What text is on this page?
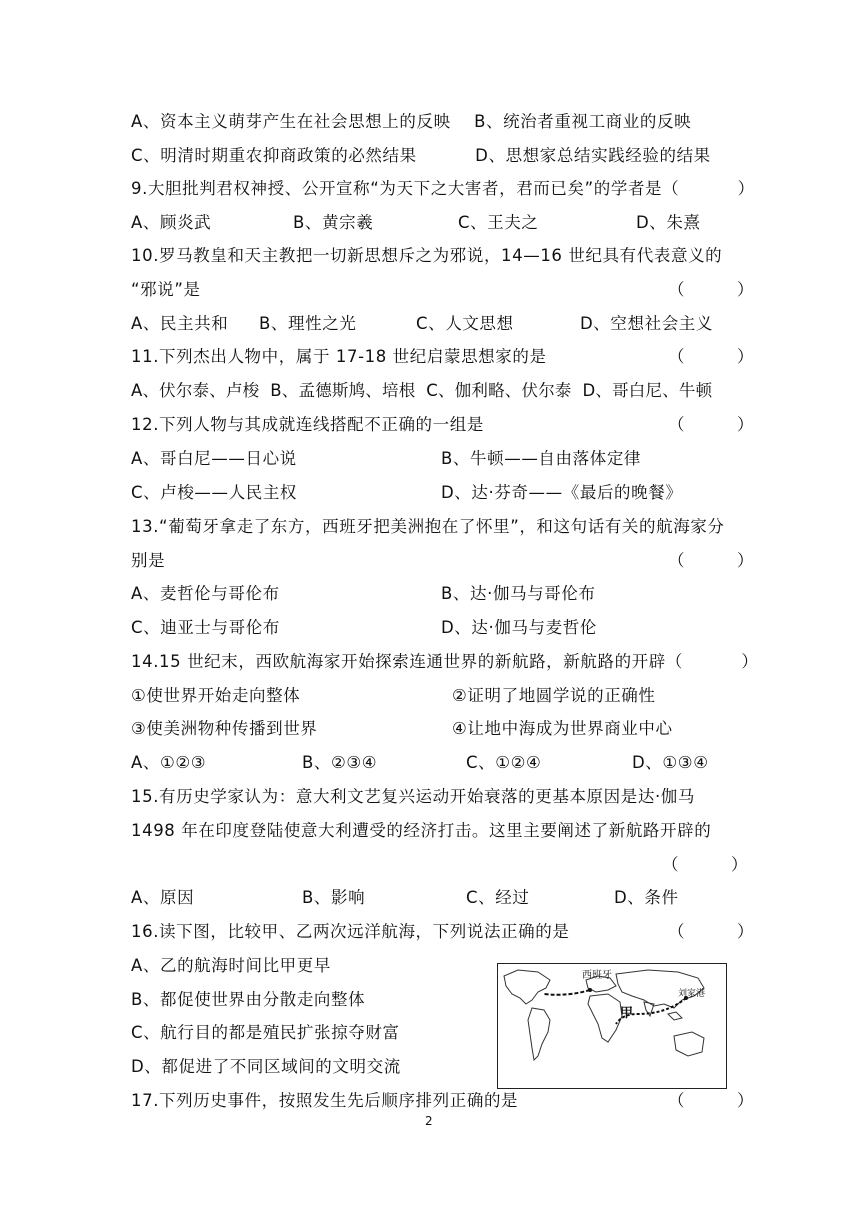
A、资本主义萌芽产生在社会思想上的反映    B、统治者重视工商业的反映
C、明清时期重农抑商政策的必然结果          D、思想家总结实践经验的结果
9.大胆批判君权神授、公开宣称“为天下之大害者，君而已矣”的学者是（          ）
A、顾炎武	B、黄宗羲	C、王夫之	D、朱熹
10.罗马教皇和天主教把一切新思想斥之为邪说，14—16 世纪具有代表意义的
“邪说”是	（          ）
A、民主共和 B、理性之光	C、人文思想	D、空想社会主义
11.下列杰出人物中，属于 17-18 世纪启蒙思想家的是	（          ）
A、伏尔泰、卢梭  B、孟德斯鸠、培根  C、伽利略、伏尔泰  D、哥白尼、牛顿
12.下列人物与其成就连线搭配不正确的一组是	（          ）
A、哥白尼——日心说	B、牛顿——自由落体定律
C、卢梭——人民主权	D、达·芬奇——《最后的晚餐》
13.“葡萄牙拿走了东方，西班牙把美洲抱在了怀里”，和这句话有关的航海家分
别是	（          ）
A、麦哲伦与哥伦布	B、达·伽马与哥伦布
C、迪亚士与哥伦布	D、达·伽马与麦哲伦
14.15 世纪末，西欧航海家开始探索连通世界的新航路，新航路的开辟（          ）
①使世界开始走向整体	②证明了地圆学说的正确性
③使美洲物种传播到世界	④让地中海成为世界商业中心
A、①②③	B、②③④	C、①②④	D、①③④
15.有历史学家认为：意大利文艺复兴运动开始衰落的更基本原因是达·伽马
1498 年在印度登陆使意大利遭受的经济打击。这里主要阐述了新航路开辟的
（          ）
A、原因	B、影响	C、经过	D、条件
16.读下图，比较甲、乙两次远洋航海，下列说法正确的是	（          ）
A、乙的航海时间比甲更早
B、都促使世界由分散走向整体
C、航行目的都是殖民扩张掠夺财富
D、都促进了不同区域间的文明交流
西班牙
甲
刘家港
17.下列历史事件，按照发生先后顺序排列正确的是	（          ）
2
